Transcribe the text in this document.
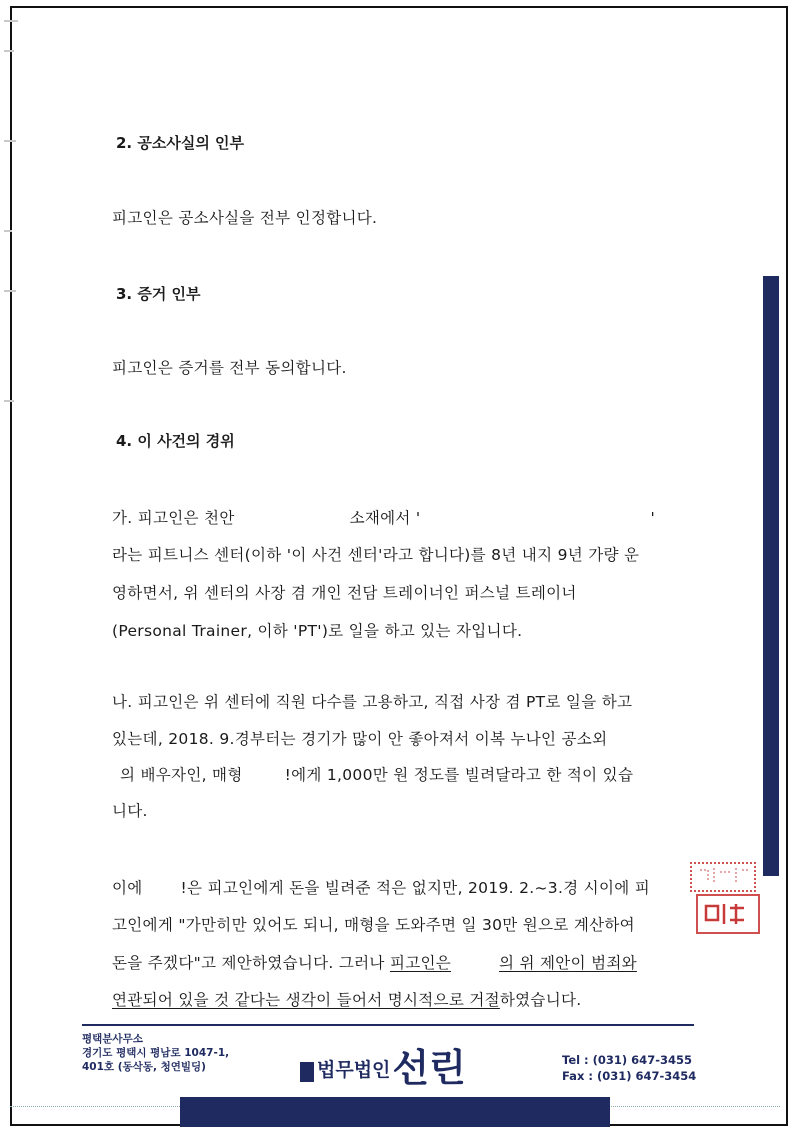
2. 공소사실의 인부
피고인은 공소사실을 전부 인정합니다.
3. 증거 인부
피고인은 증거를 전부 동의합니다.
4. 이 사건의 경위
가. 피고인은 천안	소재에서 '	'
라는 피트니스 센터(이하 '이 사건 센터'라고 합니다)를 8년 내지 9년 가량 운
영하면서, 위 센터의 사장 겸 개인 전담 트레이너인 퍼스널 트레이너
(Personal Trainer, 이하 'PT')로 일을 하고 있는 자입니다.
나. 피고인은 위 센터에 직원 다수를 고용하고, 직접 사장 겸 PT로 일을 하고
있는데, 2018. 9.경부터는 경기가 많이 안 좋아져서 이복 누나인 공소외
의 배우자인, 매형	!에게 1,000만 원 정도를 빌려달라고 한 적이 있습
니다.
이에 !은 피고인에게 돈을 빌려준 적은 없지만, 2019. 2.~3.경 시이에 피
고인에게 "가만히만 있어도 되니, 매형을 도와주면 일 30만 원으로 계산하여
돈을 주겠다"고 제안하였습니다. 그러나 피고인은	의 위 제안이 범죄와
연관되어 있을 것 같다는 생각이 들어서 명시적으로 거절하였습니다.
평택분사무소
경기도 평택시 평남로 1047-1,
401호 (동삭동, 청연빌딩)	법무법인 선린	Tel : (031) 647-3455
Fax : (031) 647-3454
